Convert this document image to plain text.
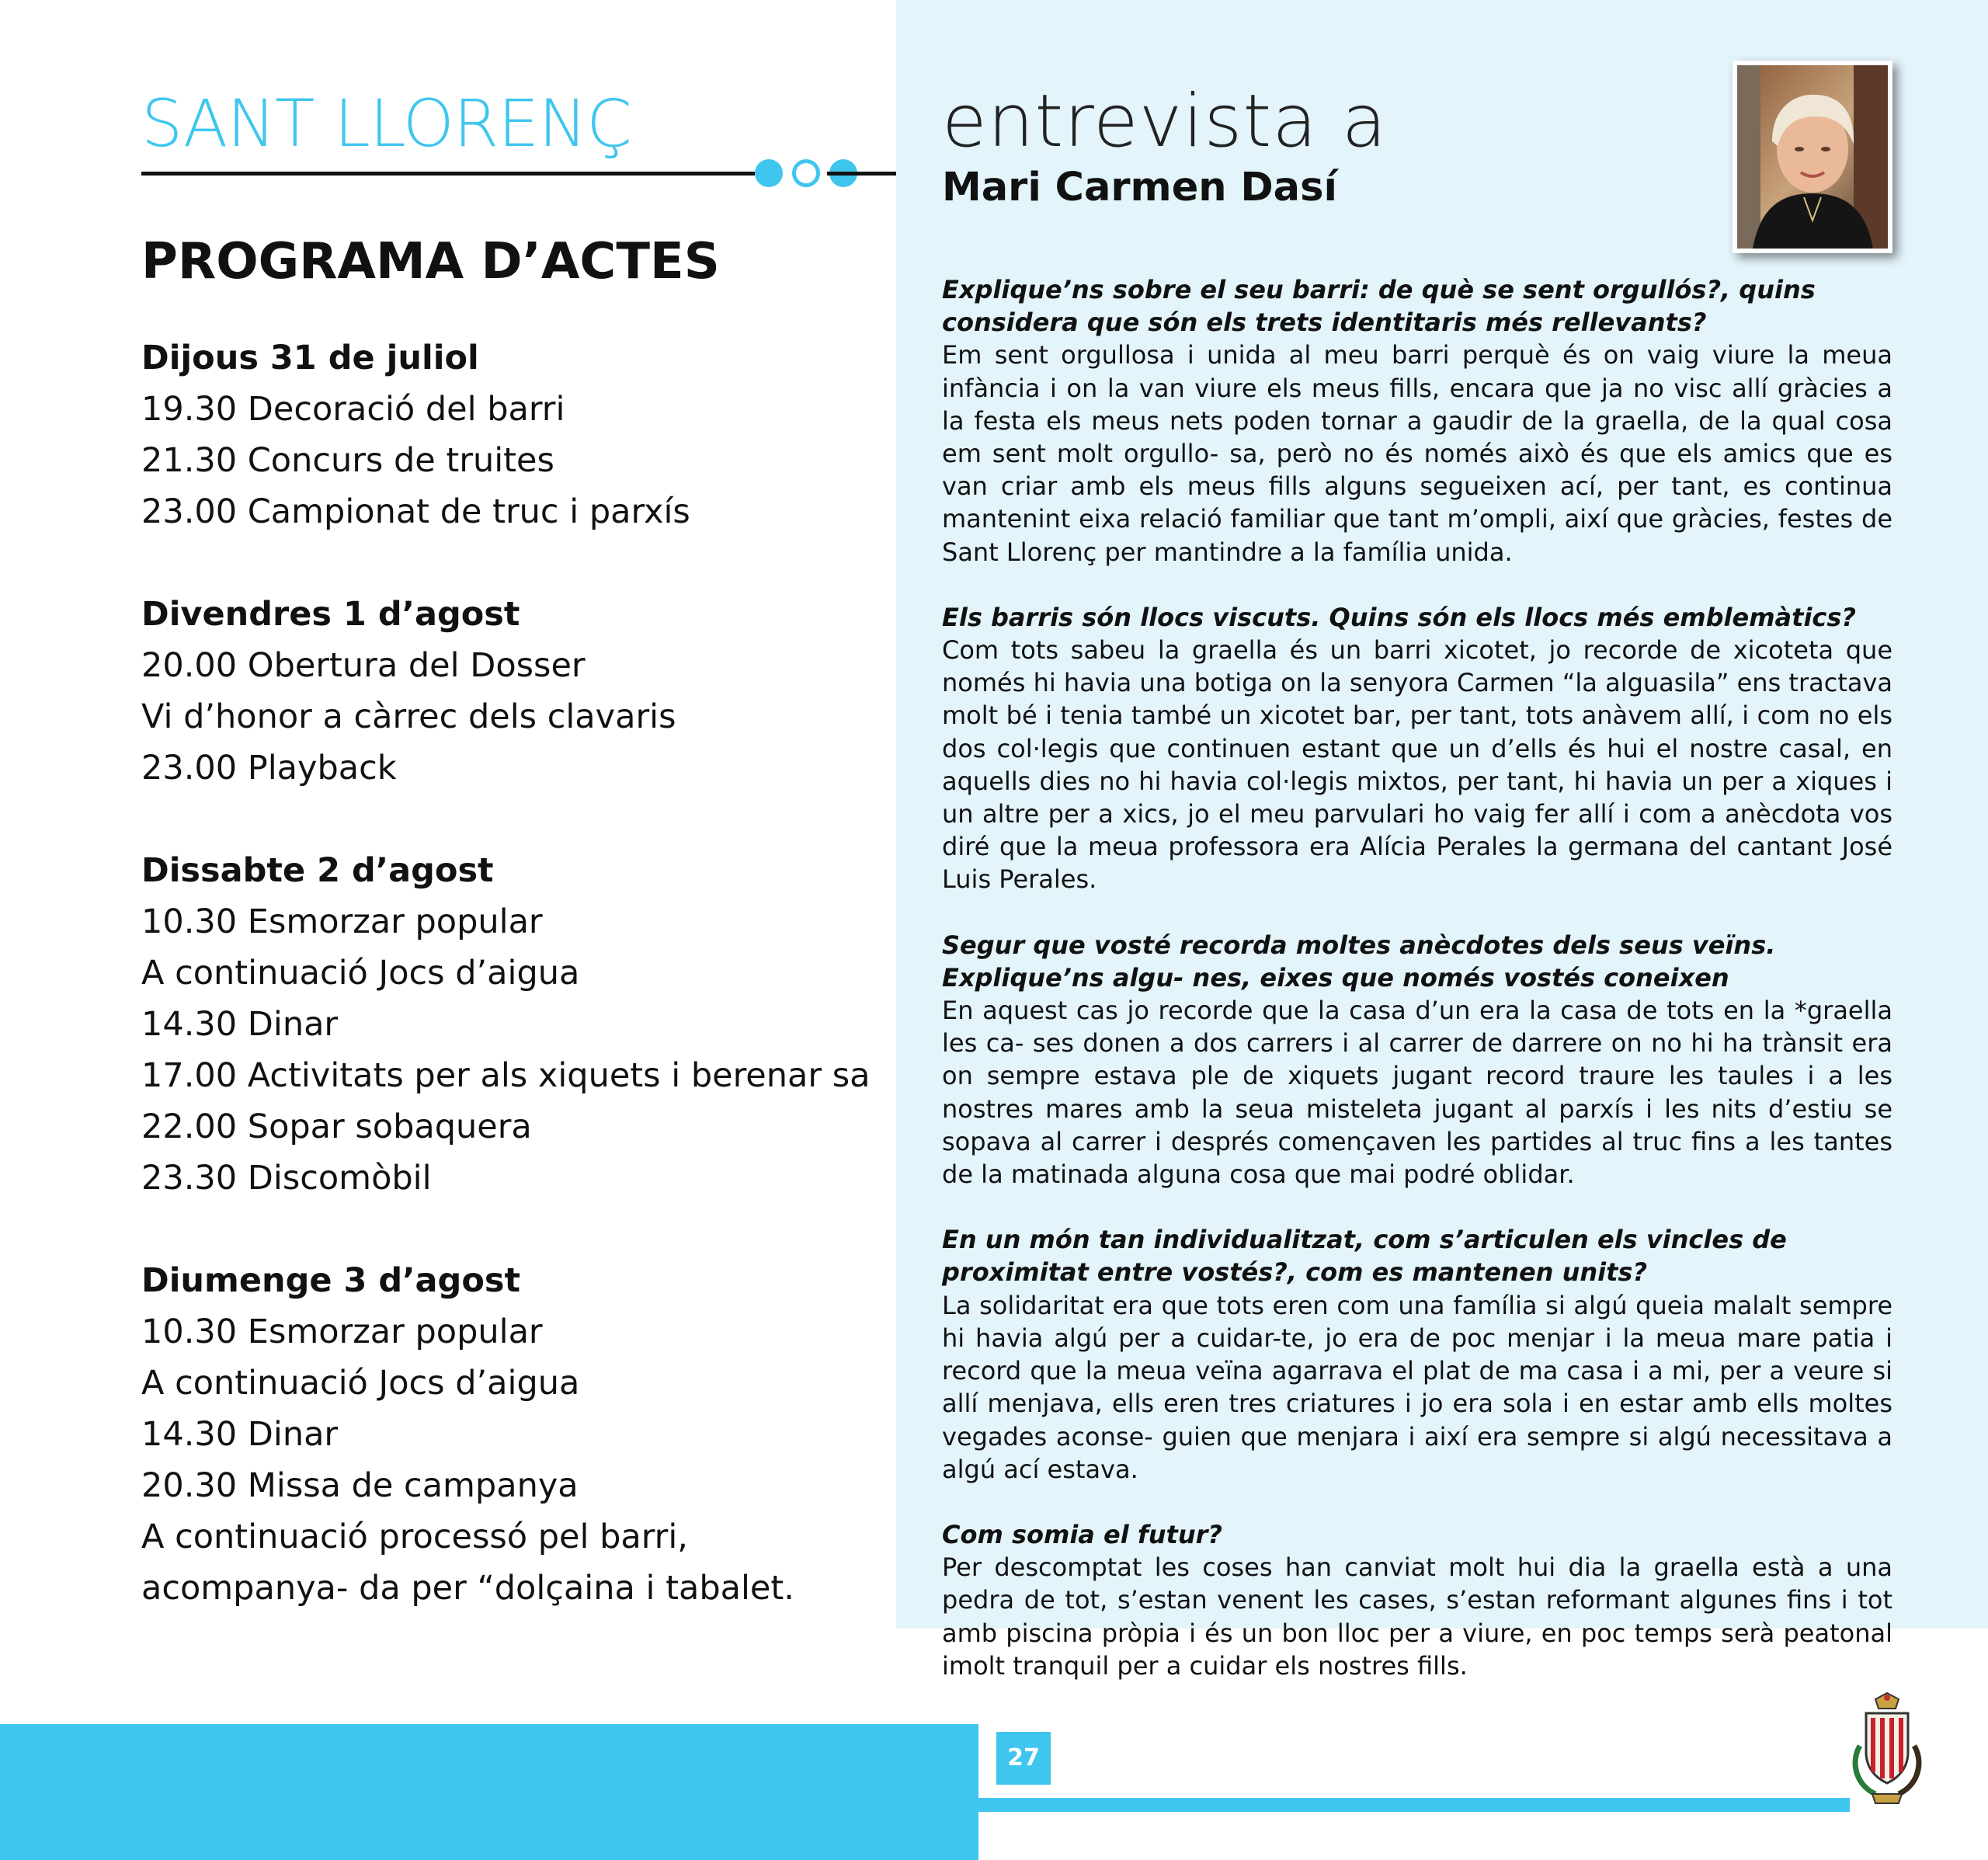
SANT LLORENÇ
PROGRAMA D’ACTES
Dijous 31 de juliol
19.30 Decoració del barri
21.30 Concurs de truites
23.00 Campionat de truc i parxís
Divendres 1 d’agost
20.00 Obertura del Dosser
Vi d’honor a càrrec dels clavaris
23.00 Playback
Dissabte 2 d’agost
10.30 Esmorzar popular
A continuació Jocs d’aigua
14.30 Dinar
17.00 Activitats per als xiquets i berenar sa
22.00 Sopar sobaquera
23.30 Discomòbil
Diumenge 3 d’agost
10.30 Esmorzar popular
A continuació Jocs d’aigua
14.30 Dinar
20.30 Missa de campanya
A continuació processó pel barri, acompanya- da per “dolçaina i tabalet.
entrevista a
Mari Carmen Dasí

Explique’ns sobre el seu barri: de què se sent orgullós?, quins considera que són els trets identitaris més rellevants?

Em sent orgullosa i unida al meu barri perquè és on vaig viure la meua infància i on la van viure els meus fills, encara que ja no visc allí gràcies a la festa els meus nets poden tornar a gaudir de la graella, de la qual cosa em sent molt orgullo- sa, però no és només això és que els amics que es van criar amb els meus fills alguns segueixen ací, per tant, es continua mantenint eixa relació familiar que tant m’ompli, així que gràcies, festes de Sant Llorenç per mantindre a la família unida.

Els barris són llocs viscuts. Quins són els llocs més emblemàtics?

Com tots sabeu la graella és un barri xicotet, jo recorde de xicoteta que només hi havia una botiga on la senyora Carmen “la alguasila” ens tractava molt bé i tenia també un xicotet bar, per tant, tots anàvem allí, i com no els dos col·legis que continuen estant que un d’ells és hui el nostre casal, en aquells dies no hi havia col·legis mixtos, per tant, hi havia un per a xiques i un altre per a xics, jo el meu parvulari ho vaig fer allí i com a anècdota vos diré que la meua professora era Alícia Perales la germana del cantant José Luis Perales.

Segur que vosté recorda moltes anècdotes dels seus veïns. Explique’ns algu- nes, eixes que només vostés coneixen

En aquest cas jo recorde que la casa d’un era la casa de tots en la *graella les ca- ses donen a dos carrers i al carrer de darrere on no hi ha trànsit era on sempre estava ple de xiquets jugant record traure les taules i a les nostres mares amb la seua misteleta jugant al parxís i les nits d’estiu se sopava al carrer i després començaven les partides al truc fins a les tantes de la matinada alguna cosa que mai podré oblidar.

En un món tan individualitzat, com s’articulen els vincles de proximitat entre vostés?, com es mantenen units?

La solidaritat era que tots eren com una família si algú queia malalt sempre hi havia algú per a cuidar-te, jo era de poc menjar i la meua mare patia i record que la meua veïna agarrava el plat de ma casa i a mi, per a veure si allí menjava, ells eren tres criatures i jo era sola i en estar amb ells moltes vegades aconse- guien que menjara i així era sempre si algú necessitava a algú ací estava.

Com somia el futur?

Per descomptat les coses han canviat molt hui dia la graella està a una pedra de tot, s’estan venent les cases, s’estan reformant algunes fins i tot amb piscina pròpia i és un bon lloc per a viure, en poc temps serà peatonal imolt tranquil per a cuidar els nostres fills.

27
